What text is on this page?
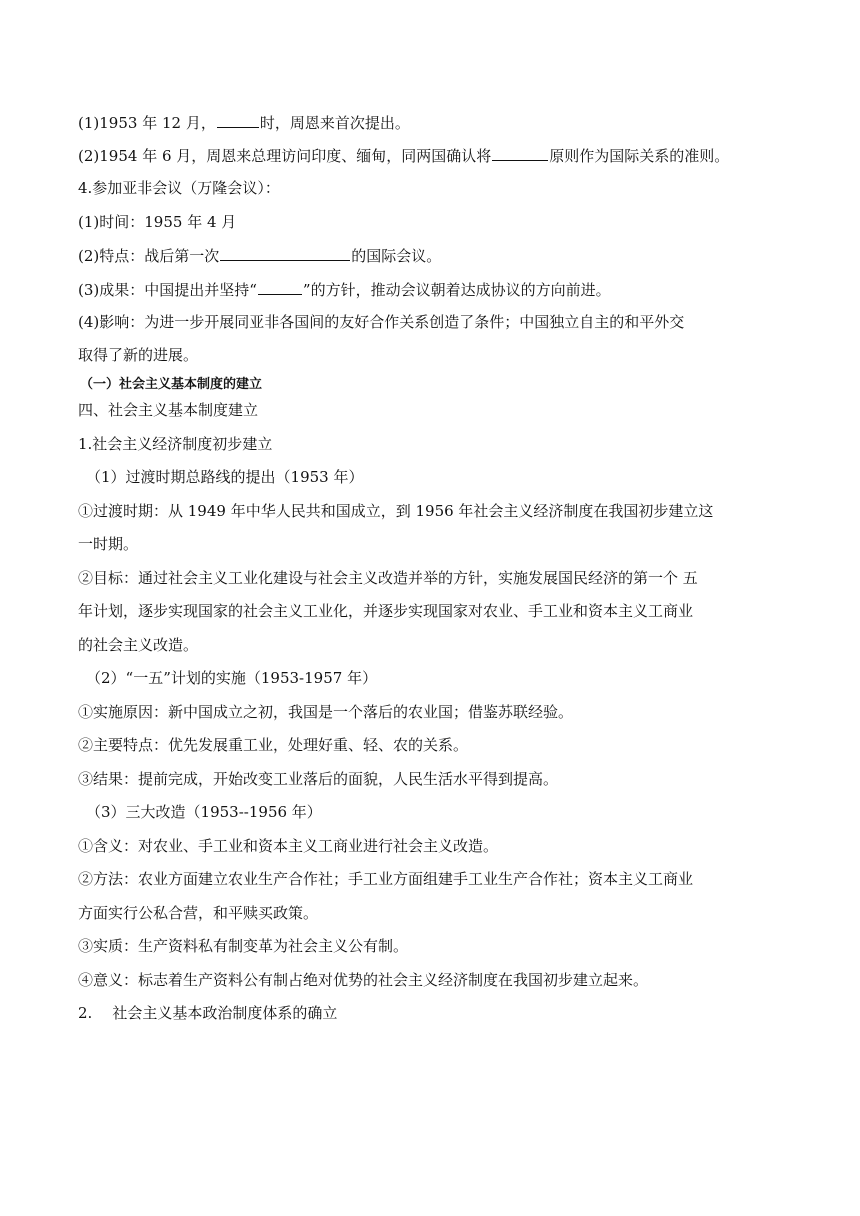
(1)1953 年 12 月，	时，周恩来首次提出。
(2)1954 年 6 月，周恩来总理访问印度、缅甸，同两国确认将	原则作为国际关系的准则。
4.参加亚非会议（万隆会议）：
(1)时间：1955 年 4 月
(2)特点：战后第一次	的国际会议。
(3)成果：中国提出并坚持“	”的方针，推动会议朝着达成协议的方向前进。
(4)影响：为进一步开展同亚非各国间的友好合作关系创造了条件；中国独立自主的和平外交
取得了新的进展。
（一）社会主义基本制度的建立
四、社会主义基本制度建立
1.社会主义经济制度初步建立
（1）过渡时期总路线的提出（1953 年）
①过渡时期：从 1949 年中华人民共和国成立，到 1956 年社会主义经济制度在我国初步建立这
一时期。
②目标：通过社会主义工业化建设与社会主义改造并举的方针，实施发展国民经济的第一个 五
年计划，逐步实现国家的社会主义工业化，并逐步实现国家对农业、手工业和资本主义工商业
的社会主义改造。
（2）“一五”计划的实施（1953-1957 年）
①实施原因：新中国成立之初，我国是一个落后的农业国；借鉴苏联经验。
②主要特点：优先发展重工业，处理好重、轻、农的关系。
③结果：提前完成，开始改变工业落后的面貌，人民生活水平得到提高。
（3）三大改造（1953--1956 年）
①含义：对农业、手工业和资本主义工商业进行社会主义改造。
②方法：农业方面建立农业生产合作社；手工业方面组建手工业生产合作社；资本主义工商业
方面实行公私合营，和平赎买政策。
③实质：生产资料私有制变革为社会主义公有制。
④意义：标志着生产资料公有制占绝对优势的社会主义经济制度在我国初步建立起来。
2. 社会主义基本政治制度体系的确立
